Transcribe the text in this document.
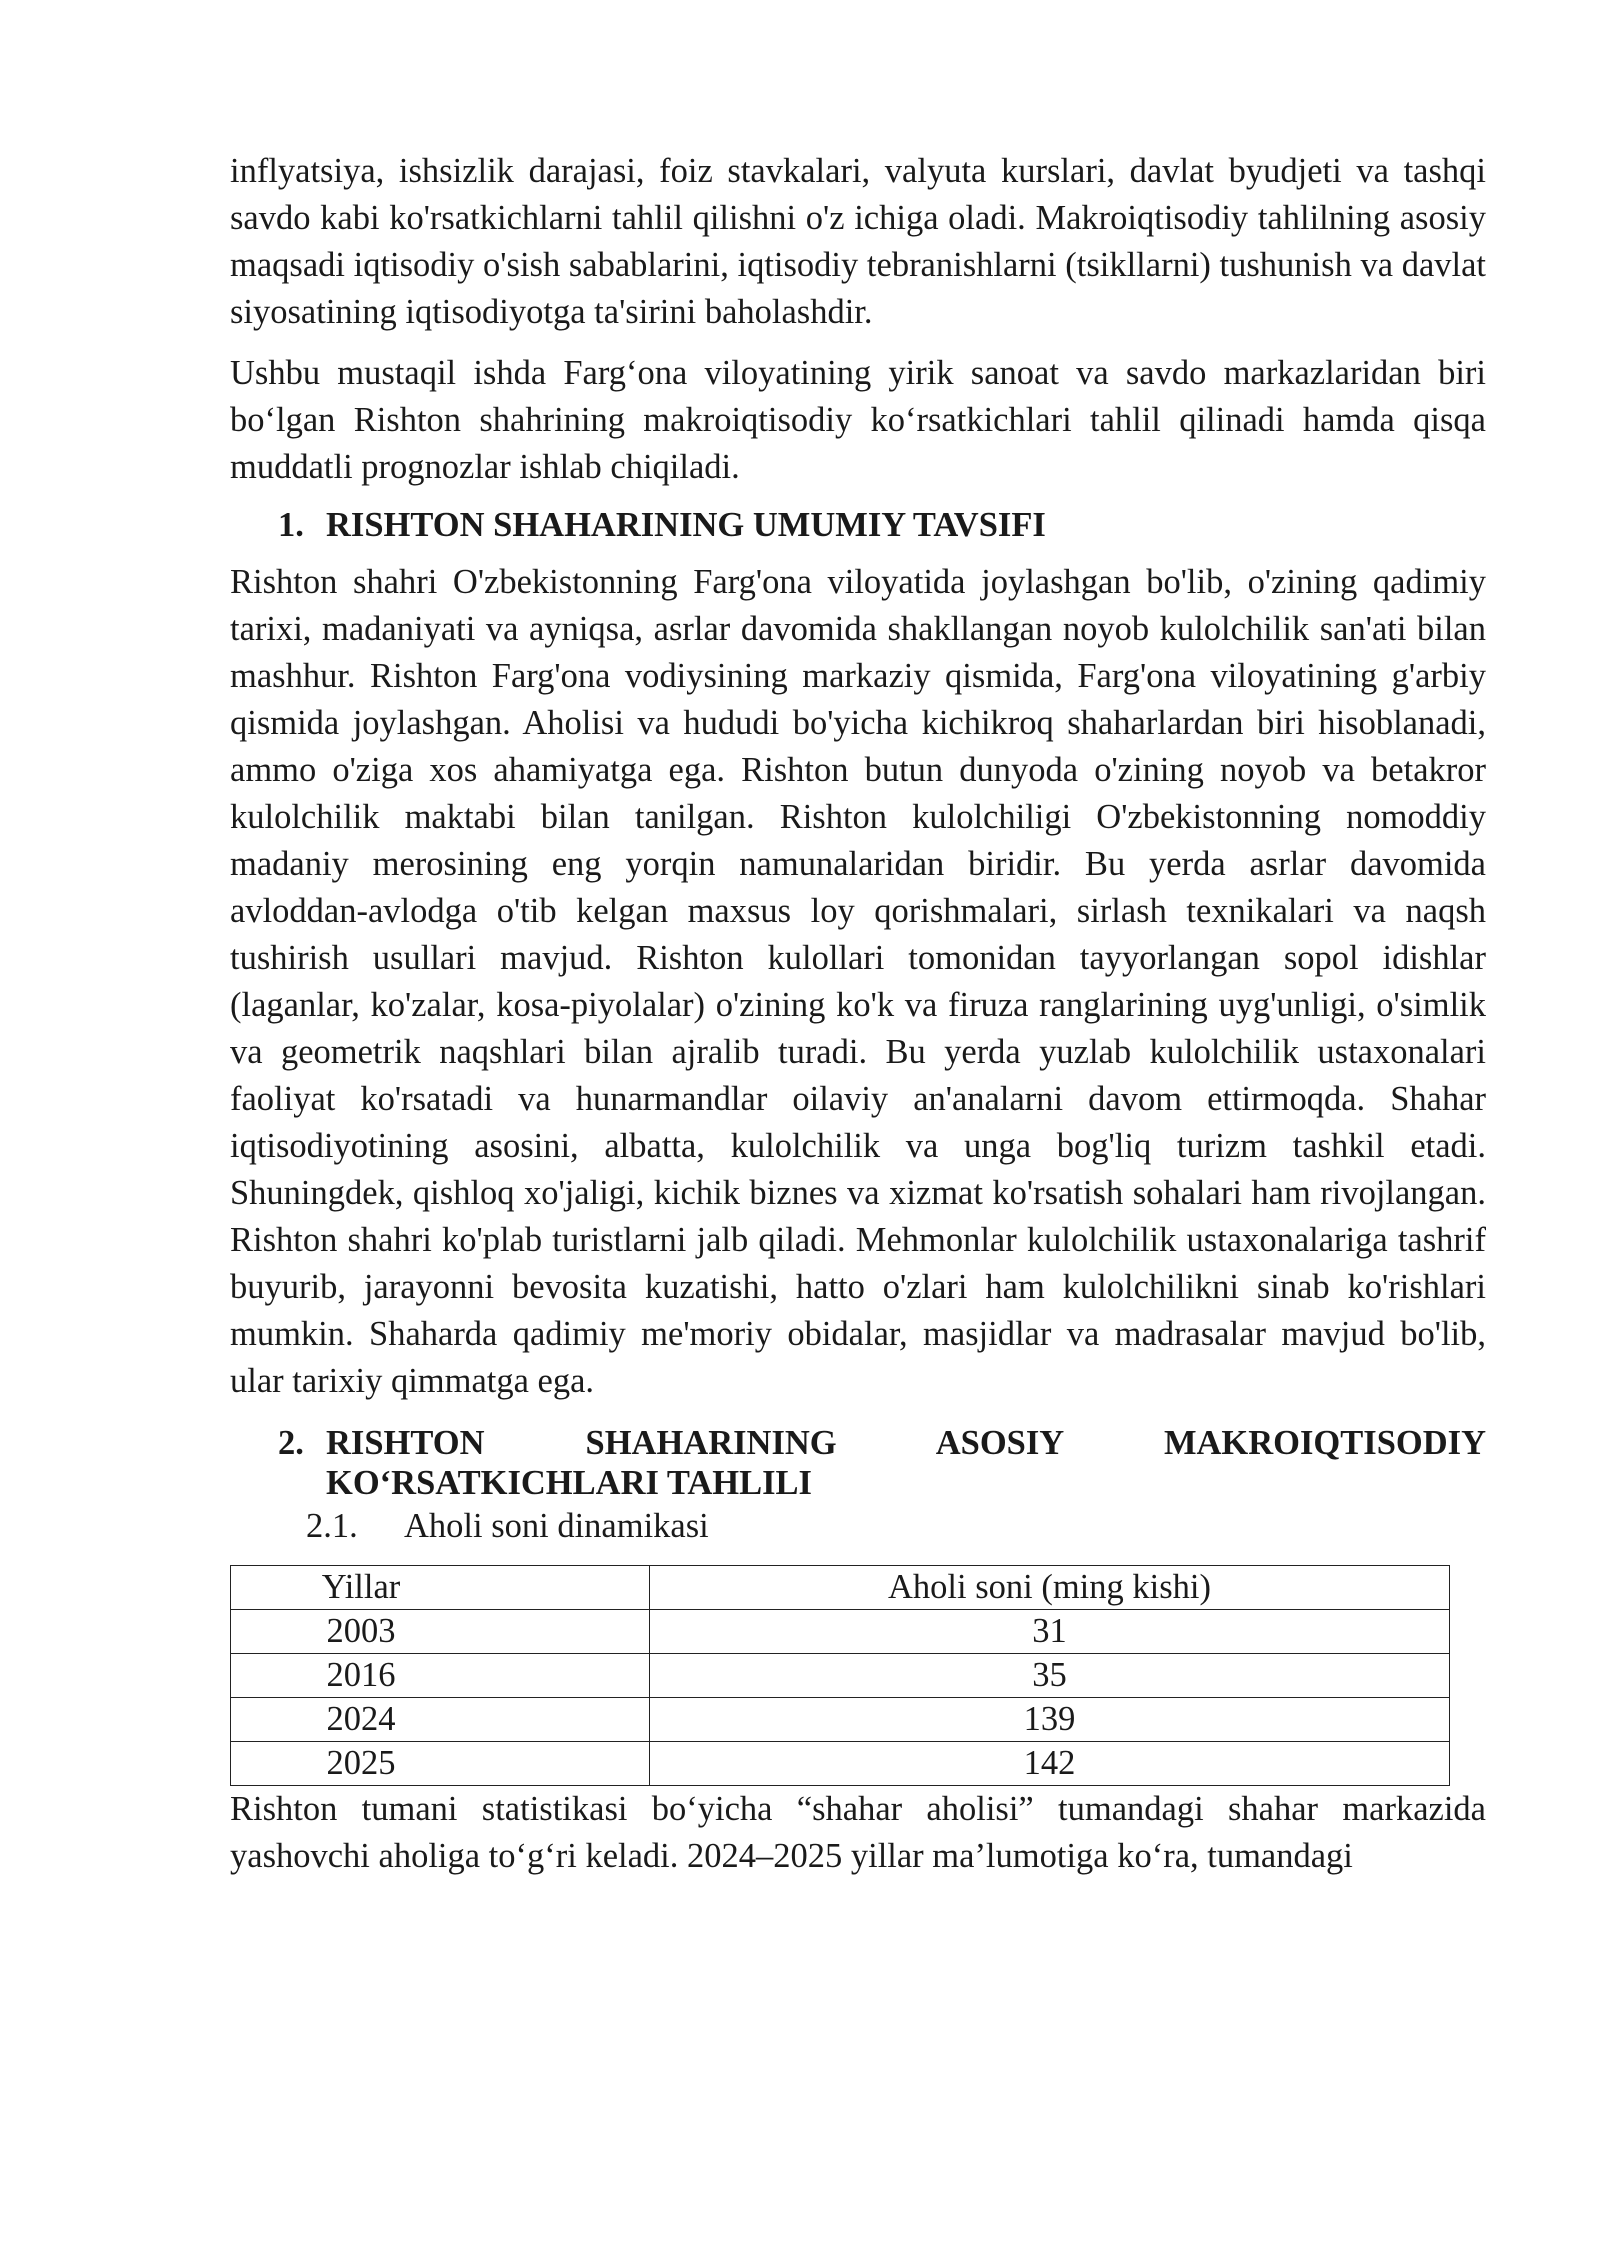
inflyatsiya, ishsizlik darajasi, foiz stavkalari, valyuta kurslari, davlat byudjeti va tashqi savdo kabi ko'rsatkichlarni tahlil qilishni o'z ichiga oladi. Makroiqtisodiy tahlilning asosiy maqsadi iqtisodiy o'sish sabablarini, iqtisodiy tebranishlarni (tsikllarni) tushunish va davlat siyosatining iqtisodiyotga ta'sirini baholashdir.

Ushbu mustaqil ishda Farg‘ona viloyatining yirik sanoat va savdo markazlaridan biri bo‘lgan Rishton shahrining makroiqtisodiy ko‘rsatkichlari tahlil qilinadi hamda qisqa muddatli prognozlar ishlab chiqiladi.

1. RISHTON SHAHARINING UMUMIY TAVSIFI

Rishton shahri O'zbekistonning Farg'ona viloyatida joylashgan bo'lib, o'zining qadimiy tarixi, madaniyati va ayniqsa, asrlar davomida shakllangan noyob kulolchilik san'ati bilan mashhur. Rishton Farg'ona vodiysining markaziy qismida, Farg'ona viloyatining g'arbiy qismida joylashgan. Aholisi va hududi bo'yicha kichikroq shaharlardan biri hisoblanadi, ammo o'ziga xos ahamiyatga ega. Rishton butun dunyoda o'zining noyob va betakror kulolchilik maktabi bilan tanilgan. Rishton kulolchiligi O'zbekistonning nomoddiy madaniy merosining eng yorqin namunalaridan biridir. Bu yerda asrlar davomida avloddan-avlodga o'tib kelgan maxsus loy qorishmalari, sirlash texnikalari va naqsh tushirish usullari mavjud. Rishton kulollari tomonidan tayyorlangan sopol idishlar (laganlar, ko'zalar, kosa-piyolalar) o'zining ko'k va firuza ranglarining uyg'unligi, o'simlik va geometrik naqshlari bilan ajralib turadi. Bu yerda yuzlab kulolchilik ustaxonalari faoliyat ko'rsatadi va hunarmandlar oilaviy an'analarni davom ettirmoqda. Shahar iqtisodiyotining asosini, albatta, kulolchilik va unga bog'liq turizm tashkil etadi. Shuningdek, qishloq xo'jaligi, kichik biznes va xizmat ko'rsatish sohalari ham rivojlangan. Rishton shahri ko'plab turistlarni jalb qiladi. Mehmonlar kulolchilik ustaxonalariga tashrif buyurib, jarayonni bevosita kuzatishi, hatto o'zlari ham kulolchilikni sinab ko'rishlari mumkin. Shaharda qadimiy me'moriy obidalar, masjidlar va madrasalar mavjud bo'lib, ular tarixiy qimmatga ega.

2. RISHTON SHAHARINING ASOSIY MAKROIQTISODIY
KO‘RSATKICHLARI TAHLILI
2.1.	Aholi soni dinamikasi
Yillar	Aholi soni (ming kishi)
2003	31
2016	35
2024	139
2025	142

Rishton tumani statistikasi bo‘yicha “shahar aholisi” tumandagi shahar markazida yashovchi aholiga to‘g‘ri keladi. 2024–2025 yillar ma’lumotiga ko‘ra, tumandagi
